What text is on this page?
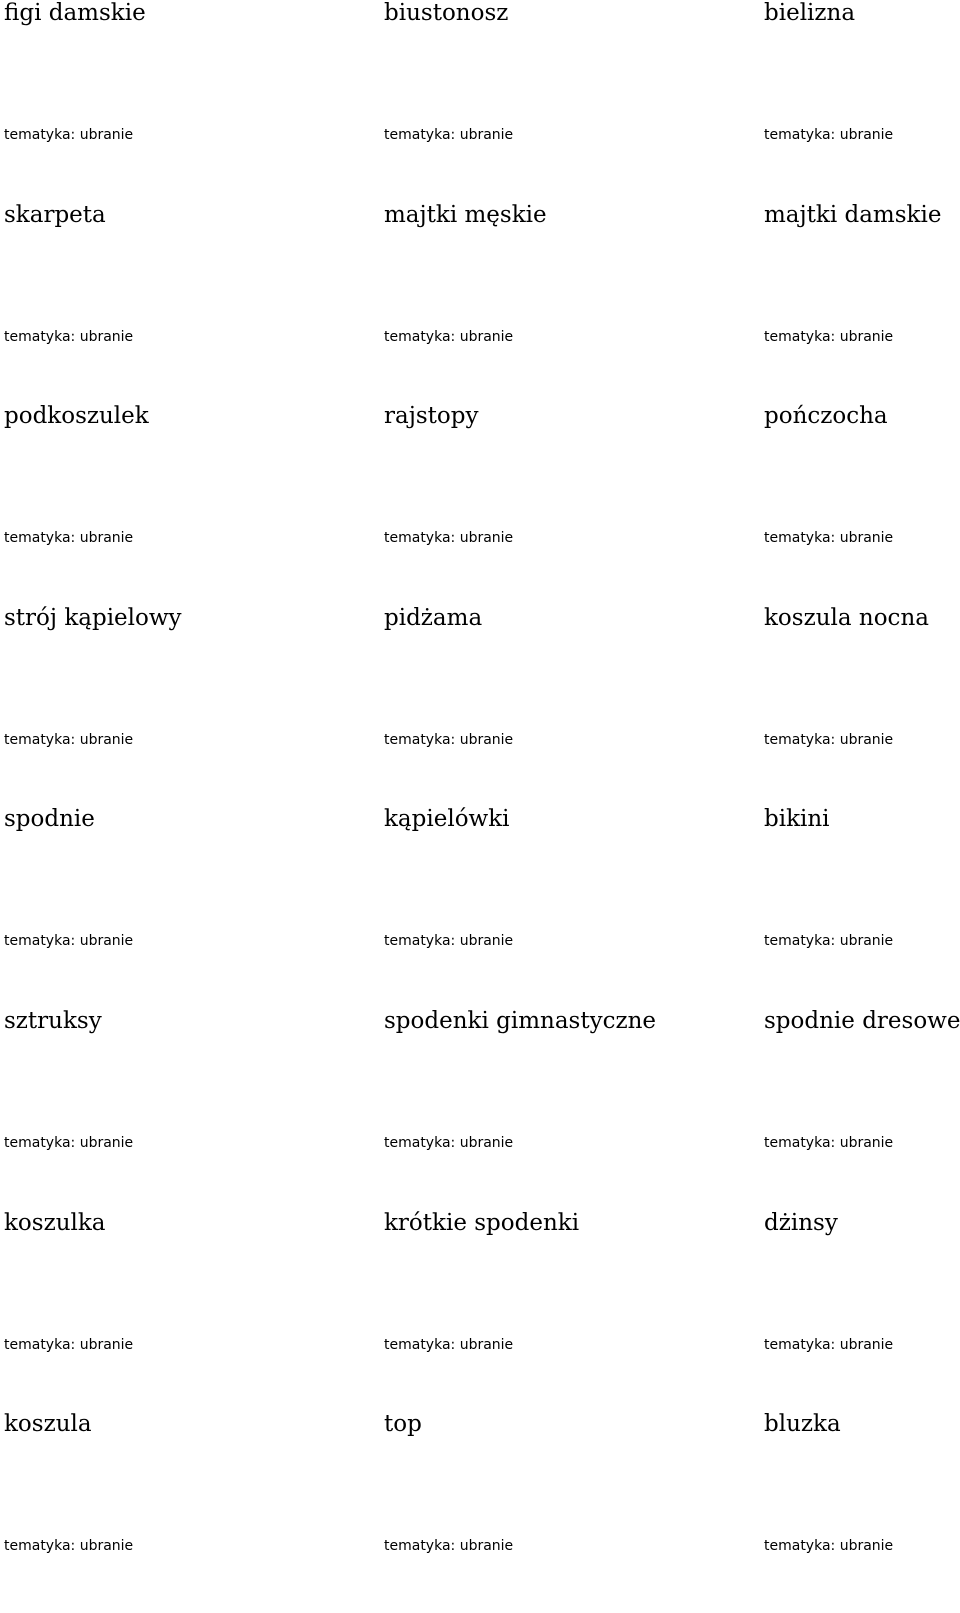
figi damskie
tematyka: ubranie
biustonosz
tematyka: ubranie
bielizna
tematyka: ubranie
skarpeta
tematyka: ubranie
majtki męskie
tematyka: ubranie
majtki damskie
tematyka: ubranie
podkoszulek
tematyka: ubranie
rajstopy
tematyka: ubranie
pończocha
tematyka: ubranie
strój kąpielowy
tematyka: ubranie
pidżama
tematyka: ubranie
koszula nocna
tematyka: ubranie
spodnie
tematyka: ubranie
kąpielówki
tematyka: ubranie
bikini
tematyka: ubranie
sztruksy
tematyka: ubranie
spodenki gimnastyczne
tematyka: ubranie
spodnie dresowe
tematyka: ubranie
koszulka
tematyka: ubranie
krótkie spodenki
tematyka: ubranie
dżinsy
tematyka: ubranie
koszula
tematyka: ubranie
top
tematyka: ubranie
bluzka
tematyka: ubranie
